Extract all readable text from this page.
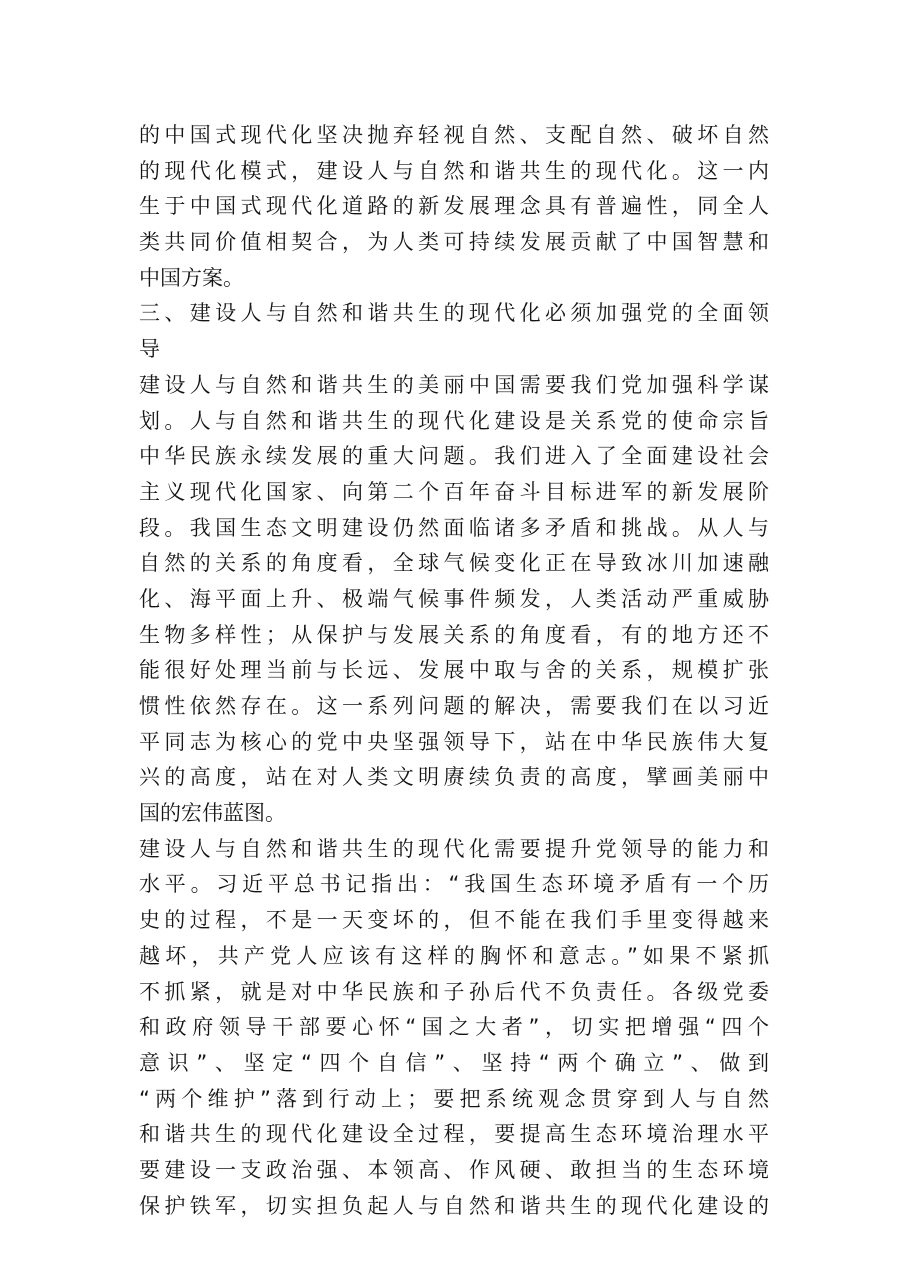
的中国式现代化坚决抛弃轻视自然、支配自然、破坏自然
的现代化模式，建设人与自然和谐共生的现代化。这一内
生于中国式现代化道路的新发展理念具有普遍性，同全人
类共同价值相契合，为人类可持续发展贡献了中国智慧和
中国方案。
三、建设人与自然和谐共生的现代化必须加强党的全面领
导
建设人与自然和谐共生的美丽中国需要我们党加强科学谋
划。人与自然和谐共生的现代化建设是关系党的使命宗旨
中华民族永续发展的重大问题。我们进入了全面建设社会
主义现代化国家、向第二个百年奋斗目标进军的新发展阶
段。我国生态文明建设仍然面临诸多矛盾和挑战。从人与
自然的关系的角度看，全球气候变化正在导致冰川加速融
化、海平面上升、极端气候事件频发，人类活动严重威胁
生物多样性；从保护与发展关系的角度看，有的地方还不
能很好处理当前与长远、发展中取与舍的关系，规模扩张
惯性依然存在。这一系列问题的解决，需要我们在以习近
平同志为核心的党中央坚强领导下，站在中华民族伟大复
兴的高度，站在对人类文明赓续负责的高度，擘画美丽中
国的宏伟蓝图。
建设人与自然和谐共生的现代化需要提升党领导的能力和
水平。习近平总书记指出：“我国生态环境矛盾有一个历
史的过程，不是一天变坏的，但不能在我们手里变得越来
越坏，共产党人应该有这样的胸怀和意志。”如果不紧抓
不抓紧，就是对中华民族和子孙后代不负责任。各级党委
和政府领导干部要心怀“国之大者”，切实把增强“四个
意识”、坚定“四个自信”、坚持“两个确立”、做到
“两个维护”落到行动上；要把系统观念贯穿到人与自然
和谐共生的现代化建设全过程，要提高生态环境治理水平
要建设一支政治强、本领高、作风硬、敢担当的生态环境
保护铁军，切实担负起人与自然和谐共生的现代化建设的
